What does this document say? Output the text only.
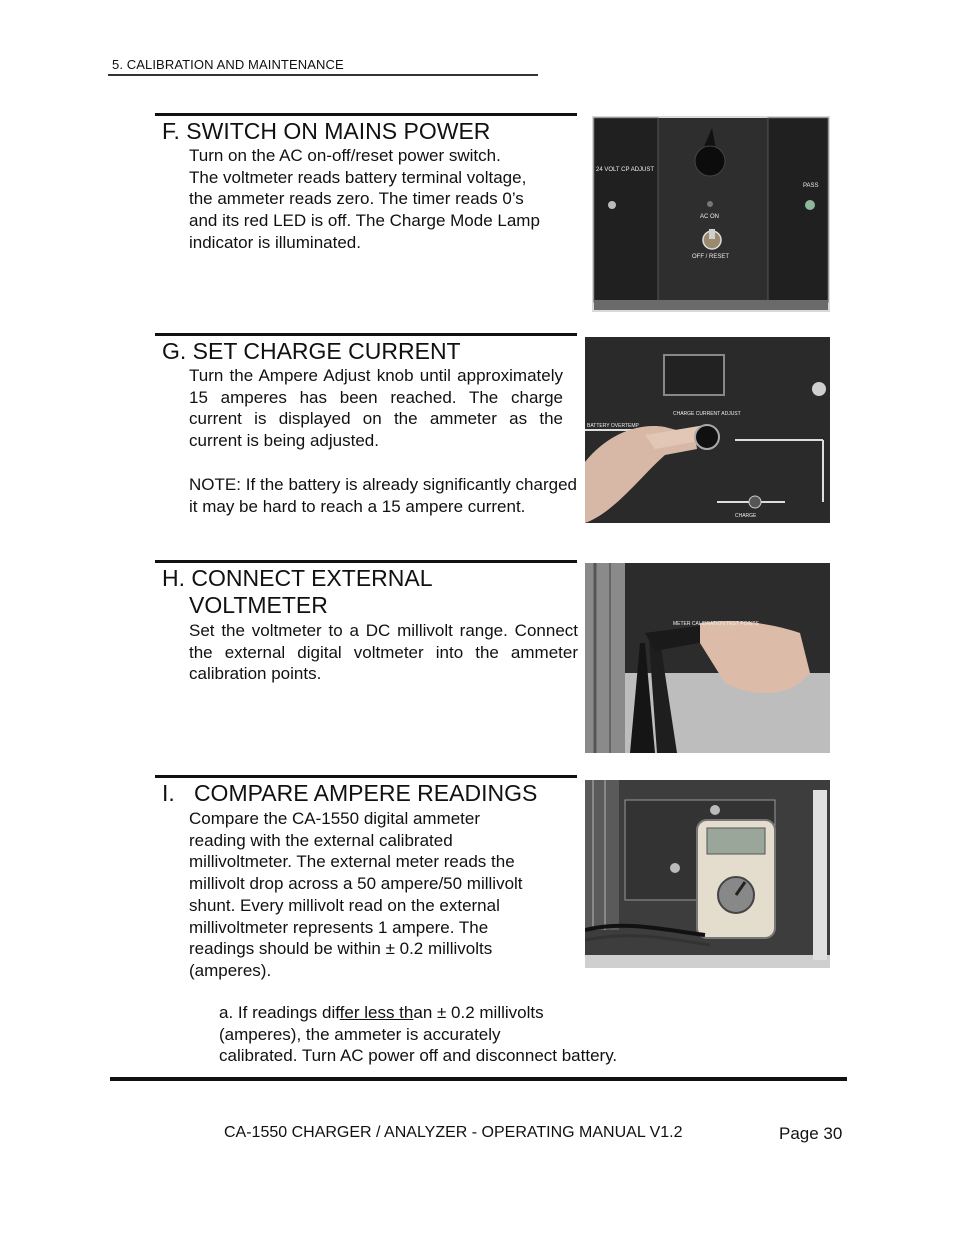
5. CALIBRATION AND MAINTENANCE
F. SWITCH ON MAINS POWER
Turn on the AC on-off/reset power switch.
The voltmeter reads battery terminal voltage,
the ammeter reads zero. The timer reads 0’s
and its red LED is off. The Charge Mode Lamp
indicator is illuminated.
24 VOLT CP ADJUST
AC ON
OFF / RESET
PASS
G. SET CHARGE CURRENT
Turn the Ampere Adjust knob until approximately 15 amperes has been reached. The charge current is displayed on the ammeter as the current is being adjusted.
NOTE: If the battery is already significantly charged it may be hard to reach a 15 ampere current.
CHARGE CURRENT ADJUST
BATTERY OVERTEMP
CHARGE
H. CONNECT EXTERNAL
VOLTMETER
Set the voltmeter to a DC millivolt range. Connect the external digital voltmeter into the ammeter calibration points.
METER CALIBRATION TEST POINTS
I.   COMPARE AMPERE READINGS
Compare the CA-1550 digital ammeter
reading with the external calibrated
millivoltmeter. The external meter reads the
millivolt drop across a 50 ampere/50 millivolt
shunt. Every millivolt read on the external
millivoltmeter represents 1 ampere. The
readings should be within ± 0.2 millivolts
(amperes).
a. If readings differ less than ± 0.2 millivolts
(amperes), the ammeter is accurately
calibrated. Turn AC power off and disconnect battery.
CA-1550 CHARGER / ANALYZER - OPERATING MANUAL V1.2	Page 30
